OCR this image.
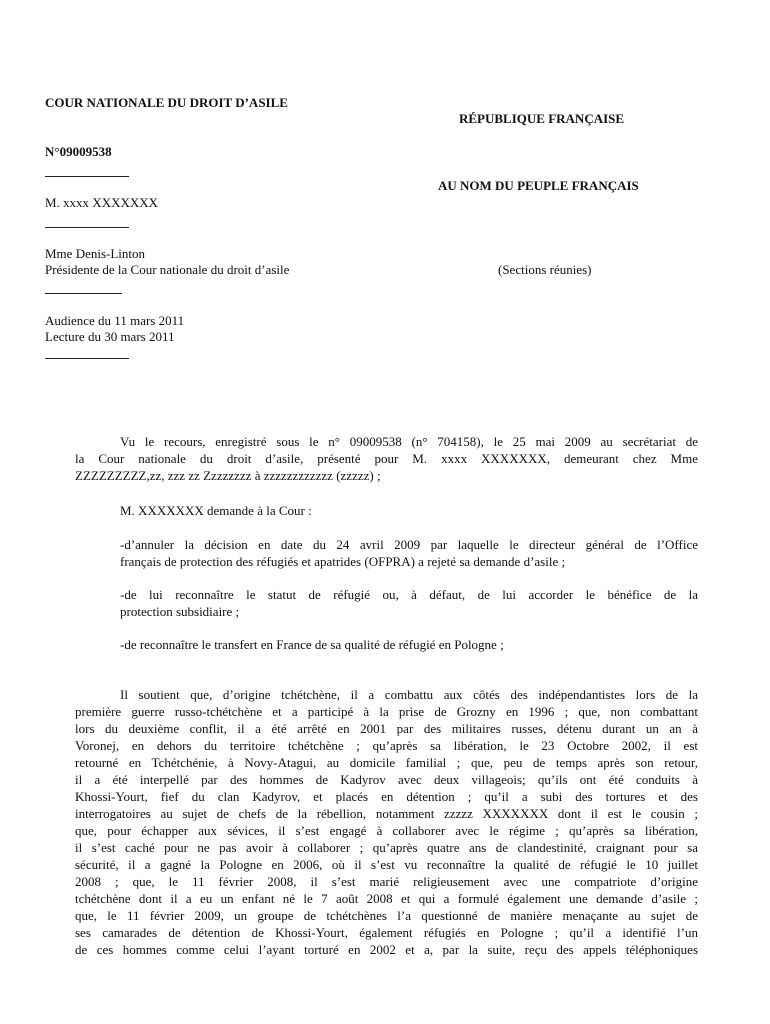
COUR NATIONALE DU DROIT D’ASILE
N°09009538
M. xxxx XXXXXXX
Mme Denis-Linton
Présidente de la Cour nationale du droit d’asile
Audience du 11 mars 2011
Lecture du 30 mars 2011
RÉPUBLIQUE FRANÇAISE
AU NOM DU PEUPLE FRANÇAIS
(Sections réunies)
Vu le recours, enregistré sous le n° 09009538 (n° 704158), le 25 mai 2009 au secrétariat de
la Cour nationale du droit d’asile, présenté pour M. xxxx XXXXXXX, demeurant chez Mme
ZZZZZZZZZ,zz, zzz zz Zzzzzzzz à zzzzzzzzzzzz (zzzzz) ;
M. XXXXXXX demande à la Cour :
-d’annuler la décision en date du 24 avril 2009 par laquelle le directeur général de l’Office
français de protection des réfugiés et apatrides (OFPRA) a rejeté sa demande d’asile ;
-de lui reconnaître le statut de réfugié ou, à défaut, de lui accorder le bénéfice de la
protection subsidiaire ;
-de reconnaître le transfert en France de sa qualité de réfugié en Pologne ;
Il soutient que, d’origine tchétchène, il a combattu aux côtés des indépendantistes lors de la
première guerre russo-tchétchène et a participé à la prise de Grozny en 1996 ; que, non combattant
lors du deuxième conflit, il a été arrêté en 2001 par des militaires russes, détenu durant un an à
Voronej, en dehors du territoire tchétchène ; qu’après sa libération, le 23 Octobre 2002, il est
retourné en Tchétchénie, à Novy-Atagui, au domicile familial ; que, peu de temps après son retour,
il a été interpellé par des hommes de Kadyrov avec deux villageois; qu’ils ont été conduits à
Khossi-Yourt, fief du clan Kadyrov, et placés en détention ; qu’il a subi des tortures et des
interrogatoires au sujet de chefs de la rébellion, notamment zzzzz XXXXXXX dont il est le cousin ;
que, pour échapper aux sévices, il s’est engagé à collaborer avec le régime ; qu’après sa libération,
il s’est caché pour ne pas avoir à collaborer ; qu’après quatre ans de clandestinité, craignant pour sa
sécurité, il a gagné la Pologne en 2006, où il s’est vu reconnaître la qualité de réfugié le 10 juillet
2008 ; que, le 11 février 2008, il s’est marié religieusement avec une compatriote d’origine
tchétchène dont il a eu un enfant né le 7 août 2008 et qui a formulé également une demande d’asile ;
que, le 11 février 2009, un groupe de tchétchènes l’a questionné de manière menaçante au sujet de
ses camarades de détention de Khossi-Yourt, également réfugiés en Pologne ; qu’il a identifié l’un
de ces hommes comme celui l’ayant torturé en 2002 et a, par la suite, reçu des appels téléphoniques
